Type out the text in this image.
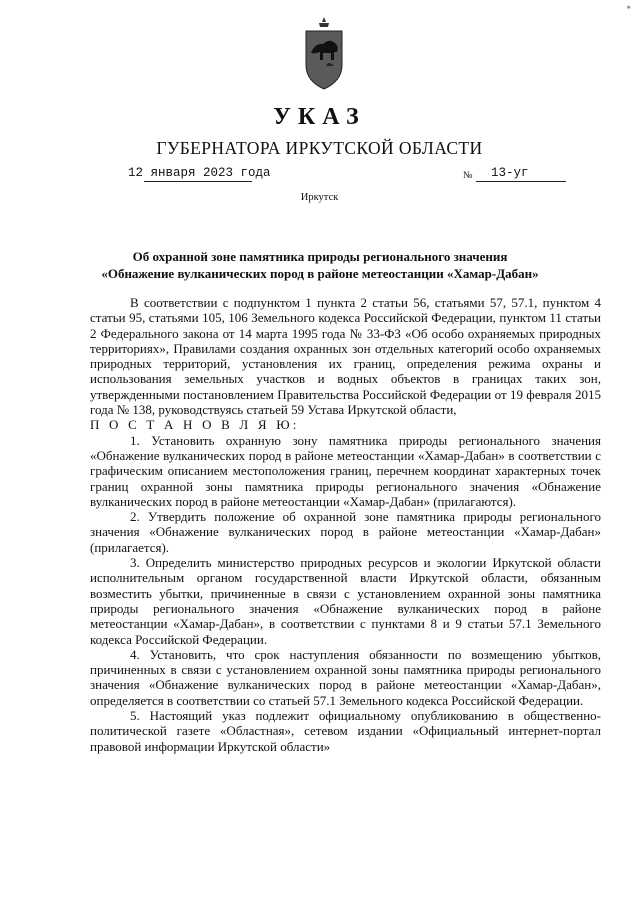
*
УКАЗ
ГУБЕРНАТОРА ИРКУТСКОЙ ОБЛАСТИ
12 января 2023 года	№ 13-уг
Иркутск
Об охранной зоне памятника природы регионального значения
«Обнажение вулканических пород в районе метеостанции «Хамар-Дабан»

В соответствии с подпунктом 1 пункта 2 статьи 56, статьями 57, 57.1, пунктом 4 статьи 95, статьями 105, 106 Земельного кодекса Российской Федерации, пунктом 11 статьи 2 Федерального закона от 14 марта 1995 года № 33-ФЗ «Об особо охраняемых природных территориях», Правилами создания охранных зон отдельных категорий особо охраняемых природных территорий, установления их границ, определения режима охраны и использования земельных участков и водных объектов в границах таких зон, утвержденными постановлением Правительства Российской Федерации от 19 февраля 2015 года № 138, руководствуясь статьей 59 Устава Иркутской области,

П О С Т А Н О В Л Я Ю:

1. Установить охранную зону памятника природы регионального значения «Обнажение вулканических пород в районе метеостанции «Хамар-Дабан» в соответствии с графическим описанием местоположения границ, перечнем координат характерных точек границ охранной зоны памятника природы регионального значения «Обнажение вулканических пород в районе метеостанции «Хамар-Дабан» (прилагаются).

2. Утвердить положение об охранной зоне памятника природы регионального значения «Обнажение вулканических пород в районе метеостанции «Хамар-Дабан» (прилагается).

3. Определить министерство природных ресурсов и экологии Иркутской области исполнительным органом государственной власти Иркутской области, обязанным возместить убытки, причиненные в связи с установлением охранной зоны памятника природы регионального значения «Обнажение вулканических пород в районе метеостанции «Хамар-Дабан», в соответствии с пунктами 8 и 9 статьи 57.1 Земельного кодекса Российской Федерации.

4. Установить, что срок наступления обязанности по возмещению убытков, причиненных в связи с установлением охранной зоны памятника природы регионального значения «Обнажение вулканических пород в районе метеостанции «Хамар-Дабан», определяется в соответствии со статьей 57.1 Земельного кодекса Российской Федерации.

5. Настоящий указ подлежит официальному опубликованию в общественно-политической газете «Областная», сетевом издании «Официальный интернет-портал правовой информации Иркутской области»
